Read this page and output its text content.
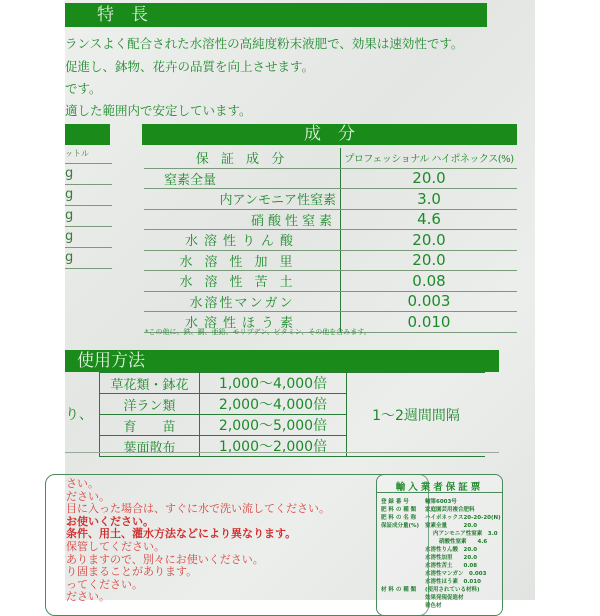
特　長
ランスよく配合された水溶性の高純度粉末液肥で、効果は速効性です。
促進し、鉢物、花卉の品質を向上させます。
です。
適した範囲内で安定しています。
ットル
g
g
g
g
g
成　分
保 証 成 分	プロフェッショナル ハイポネックス(%)
窒素全量	20.0
内アンモニア性窒素	3.0
硝酸性窒素	4.6
水溶性りん酸	20.0
水溶性加里	20.0
水溶性苦土	0.08
水溶性マンガン	0.003
水溶性ほう素	0.010
*この他に、鉄、銅、亜鉛、モリブデン、ビタミン、その他を含みます。
使用方法
り、
草花類・鉢花	1,000〜4,000倍	1〜2週間間隔
洋ラン類	2,000〜4,000倍	
育　　苗	2,000〜5,000倍	
葉面散布	1,000〜2,000倍	
さい。
ださい。
目に入った場合は、すぐに水で洗い流してください。
お使いください。
条件、用土、灌水方法などにより異なります。
保管してください。
ありますので、別々にお使いください。
り固まることがあります。
ってください。
ださい。
輸入業者保証票
登 録 番 号	輸第6003号
肥 料 の 種 類 家庭園芸用複合肥料
肥 料 の 名 称 ハイポネックス20-20-20(N)
保証成分量(%) 窒素全量　　　20.0
内アンモニア性窒素　3.0
硝酸性窒素　　4.6
水溶性りん酸　20.0
水溶性加里　　20.0
水溶性苦土　　0.08
水溶性マンガン　0.003
水溶性ほう素　0.010
材 料 の 種 類 (使用されている材料)
効果発現促進材
着色材
